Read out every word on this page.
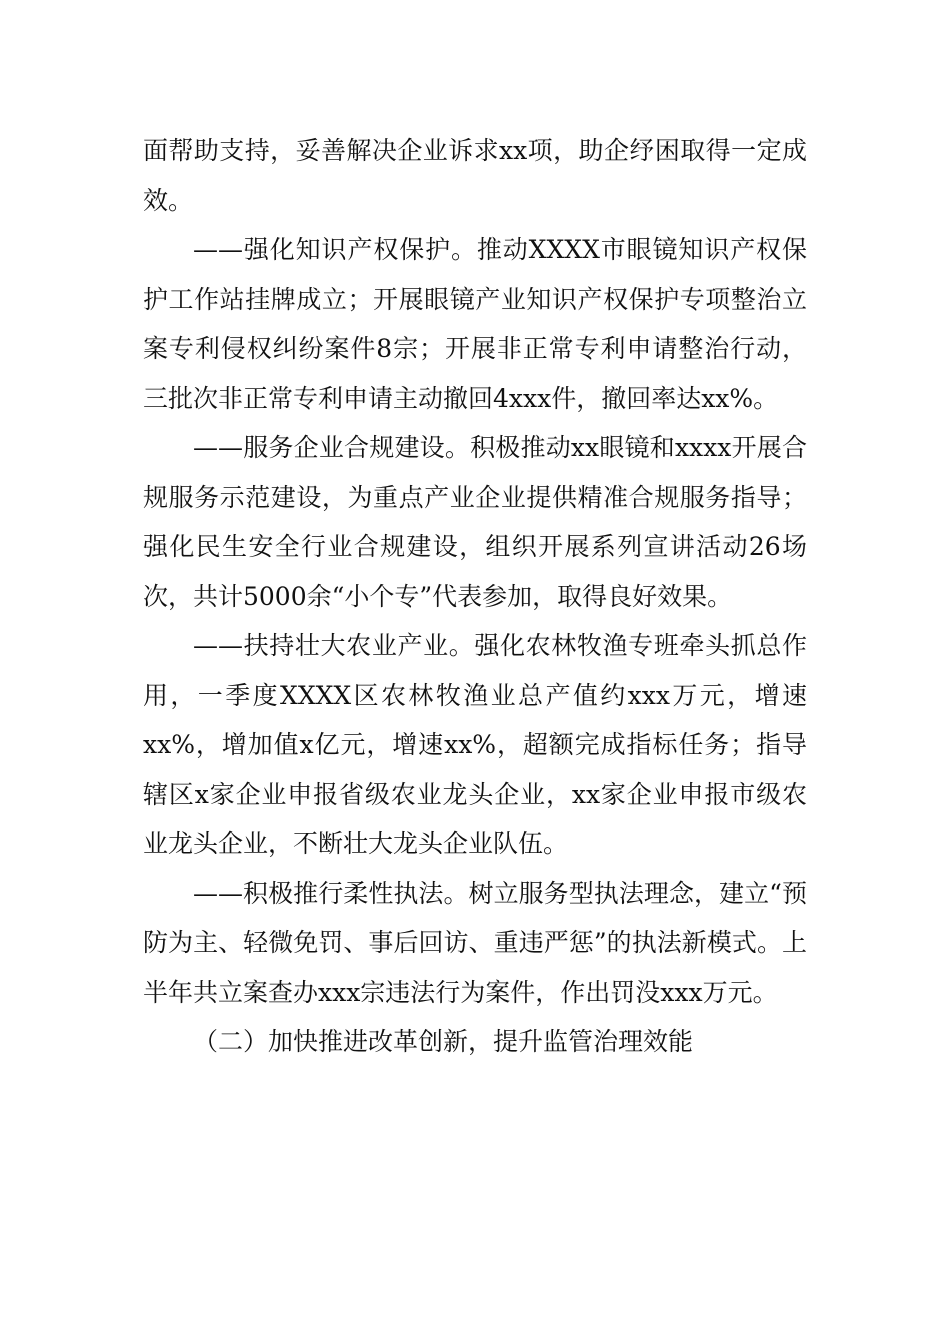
面帮助支持，妥善解决企业诉求xx项，助企纾困取得一定成效。

——强化知识产权保护。推动XXXX市眼镜知识产权保护工作站挂牌成立；开展眼镜产业知识产权保护专项整治立案专利侵权纠纷案件8宗；开展非正常专利申请整治行动，三批次非正常专利申请主动撤回4xxx件，撤回率达xx%。

——服务企业合规建设。积极推动xx眼镜和xxxx开展合规服务示范建设，为重点产业企业提供精准合规服务指导；强化民生安全行业合规建设，组织开展系列宣讲活动26场次，共计5000余“小个专”代表参加，取得良好效果。

——扶持壮大农业产业。强化农林牧渔专班牵头抓总作用，一季度XXXX区农林牧渔业总产值约xxx万元，增速xx%，增加值x亿元，增速xx%，超额完成指标任务；指导辖区x家企业申报省级农业龙头企业，xx家企业申报市级农业龙头企业，不断壮大龙头企业队伍。

——积极推行柔性执法。树立服务型执法理念，建立“预防为主、轻微免罚、事后回访、重违严惩”的执法新模式。上半年共立案查办xxx宗违法行为案件，作出罚没xxx万元。

（二）加快推进改革创新，提升监管治理效能
